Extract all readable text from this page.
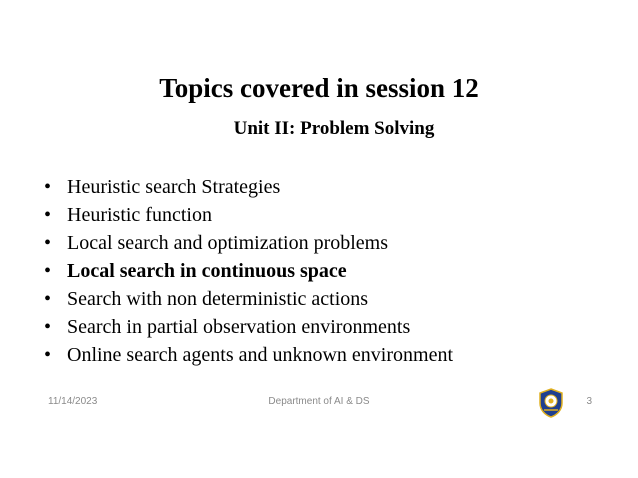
Topics covered in session 12
Unit II: Problem Solving
• Heuristic search Strategies
• Heuristic function
• Local search and optimization problems
• Local search in continuous space
• Search with non deterministic actions
• Search in partial observation environments
• Online search agents and unknown environment
Department of AI & DS
11/14/2023	3
